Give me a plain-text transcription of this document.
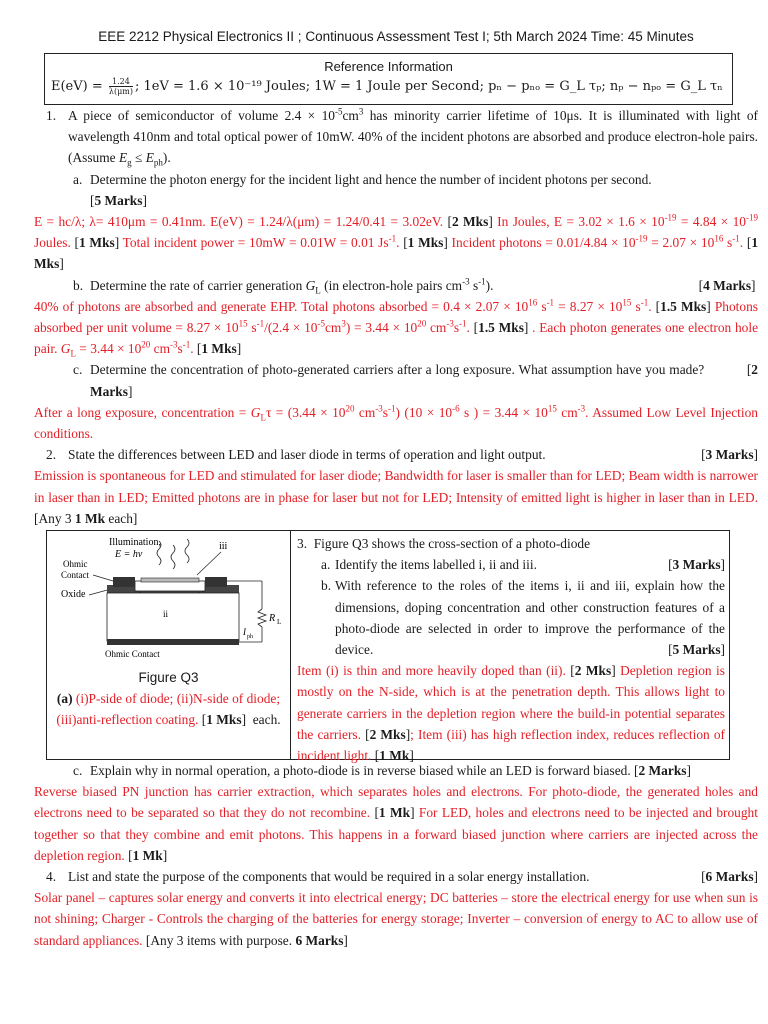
EEE 2212 Physical Electronics II ; Continuous Assessment Test I; 5th March 2024 Time: 45 Minutes
Reference Information
$E(eV) = \frac{1.24}{\lambda(\mu m)}$ ; 1eV = 1.6 × 10⁻¹⁹ Joules; 1W = 1 Joule per Second; pₙ − pₙₒ = G_L τₚ; nₚ − nₚₒ = G_L τₙ

1. A piece of semiconductor of volume $2.4 \times 10^{-5}cm^3$ has minority carrier lifetime of 10μs. It is illuminated with light of wavelength 410nm and total optical power of 10mW. 40% of the incident photons are absorbed and produce electron-hole pairs. (Assume $E_g \le E_{ph}$).

a. Determine the photon energy for the incident light and hence the number of incident photons per second.
[5 Marks]

E = hc/λ; λ= 410μm = 0.41nm. E(eV) = 1.24/λ(μm) = 1.24/0.41 = 3.02eV. [2 Mks] In Joules, $E = 3.02 \times 1.6 \times 10^{-19} = 4.84 \times 10^{-19}$ Joules. [1 Mks] Total incident power = 10mW = 0.01W = 0.01 $Js^{-1}$. [1 Mks] Incident photons = $0.01/4.84 \times 10^{-19} = 2.07 \times 10^{16}$ $s^{-1}$. [1 Mks]

b. Determine the rate of carrier generation $G_L$ (in electron-hole pairs $cm^{-3}$ $s^{-1}$).	[4 Marks]

40% of photons are absorbed and generate EHP. Total photons absorbed = $0.4 \times 2.07 \times 10^{16}$ $s^{-1} = 8.27 \times 10^{15}$ $s^{-1}$. [1.5 Mks] Photons absorbed per unit volume = $8.27 \times 10^{15}$ $s^{-1}/(2.4 \times 10^{-5}cm^3) = 3.44 \times 10^{20}$ $cm^{-3}s^{-1}$. [1.5 Mks] . Each photon generates one electron hole pair. $G_L = 3.44 \times 10^{20}$ $cm^{-3}s^{-1}$. [1 Mks]

c. Determine the concentration of photo-generated carriers after a long exposure. What assumption have you made?           [2 Marks]

After a long exposure, concentration = $G_L\tau = (3.44 \times 10^{20}$ $cm^{-3}s^{-1}$) ($10 \times 10^{-6}$ s ) = $3.44 \times 10^{15}$ $cm^{-3}$. Assumed Low Level Injection conditions.

2. State the differences between LED and laser diode in terms of operation and light output.	[3 Marks]

Emission is spontaneous for LED and stimulated for laser diode; Bandwidth for laser is smaller than for LED; Beam width is narrower in laser than in LED; Emitted photons are in phase for laser but not for LED; Intensity of emitted light is higher in laser than in LED. [Any 3 1 Mk each]

Illumination,
E = hν
iii
Ohmic
Contact
Oxide
ii	R L
I ph
Ohmic Contact
Figure Q3
(a) (i)P-side of diode; (ii)N-side of diode; (iii)anti-reflection coating. [1 Mks]  each.

3.  Figure Q3 shows the cross-section of a photo-diode

a. Identify the items labelled i, ii and iii.	[3 Marks]

b. With reference to the roles of the items i, ii and iii, explain how the dimensions, doping concentration and other construction features of a photo-diode are selected in order to improve the performance of the device.	[5 Marks]

Item (i) is thin and more heavily doped than (ii). [2 Mks] Depletion region is mostly on the N-side, which is at the penetration depth. This allows light to generate carriers in the depletion region where the build-in potential separates the carriers. [2 Mks]; Item (iii) has high reflection index, reduces reflection of incident light. [1 Mk]

c. Explain why in normal operation, a photo-diode is in reverse biased while an LED is forward biased. [2 Marks]

Reverse biased PN junction has carrier extraction, which separates holes and electrons. For photo-diode, the generated holes and electrons need to be separated so that they do not recombine. [1 Mk] For LED, holes and electrons need to be injected and brought together so that they combine and emit photons. This happens in a forward biased junction where carriers are injected across the depletion region. [1 Mk]

4. List and state the purpose of the components that would be required in a solar energy installation.	[6 Marks]

Solar panel – captures solar energy and converts it into electrical energy; DC batteries – store the electrical energy for use when sun is not shining; Charger - Controls the charging of the batteries for energy storage; Inverter – conversion of energy to AC to allow use of standard appliances. [Any 3 items with purpose. 6 Marks]
